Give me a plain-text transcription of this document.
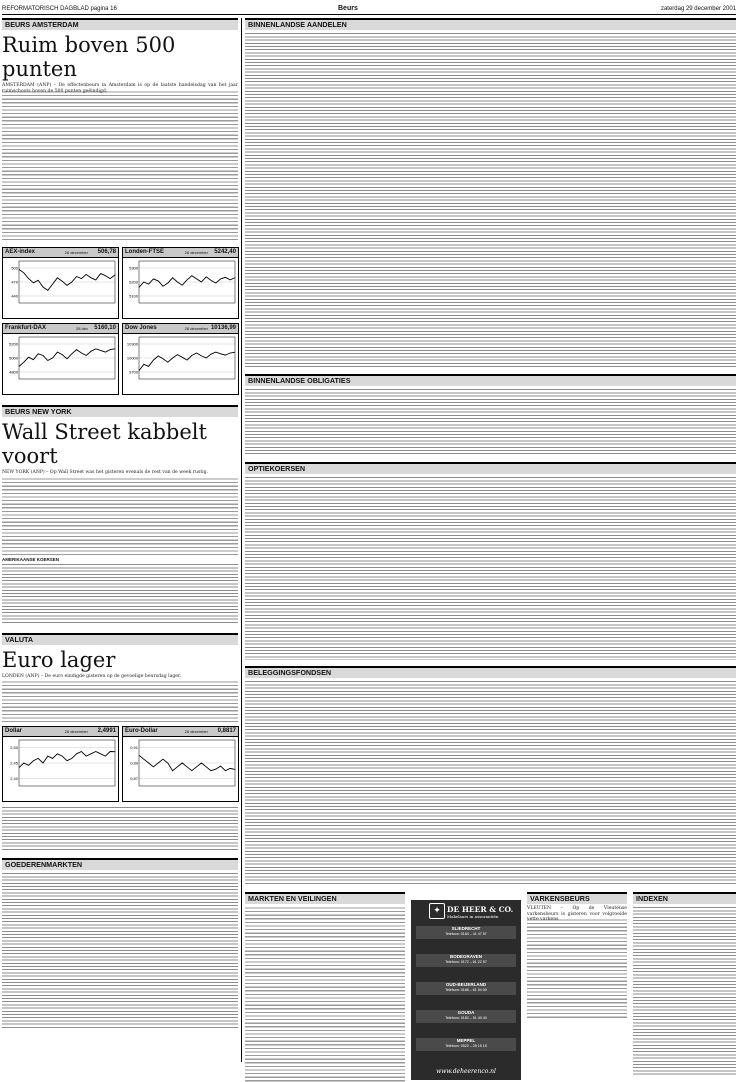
REFORMATORISCH DAGBLAD pagina 16	Beurs	zaterdag 29 december 2001
BEURS AMSTERDAM
Ruim boven 500 punten
AMSTERDAM (ANP) – De effectenbeurs in Amsterdam is op de laatste handelsdag van het jaar ruimschoots boven de 500 punten geëindigd.
AEX-index	28 december 506,78
500
470
440
Londen-FTSE	28 december 5242,40
5300
5200
5100
Frankfurt-DAX	28 dec 5160,10
5200
5000
4800
Dow Jones	28 december 10136,99
10300
10000
9700
BEURS NEW YORK
Wall Street kabbelt voort
NEW YORK (ANP) – Op Wall Street was het gisteren evenals de rest van de week rustig.
AMERIKAANSE KOERSEN
VALUTA
Euro lager
LONDEN (ANP) – De euro eindigde gisteren op de gevoelige beursdag lager.
Dollar	28 december 2,4991
2,50
2,45
2,40
Euro-Dollar	28 december 0,8817
0,91
0,89
0,87
GOEDERENMARKTEN
BINNENLANDSE AANDELEN
BINNENLANDSE OBLIGATIES
OPTIEKOERSEN
BELEGGINGSFONDSEN
MARKTEN EN VEILINGEN
✦ DE HEER & CO.
Makelaars in assurantiën
SLIEDRECHT
Telefoon: 0184 – 41 47 57
BODEGRAVEN
Telefoon: 0172 – 61 22 57
OUD-BEIJERLAND
Telefoon: 0186 – 61 54 00
GOUDA
Telefoon: 0182 – 51 40 40
MEPPEL
Telefoon: 0522 – 25 15 15
www.deheerenco.nl
VARKENSBEURS
VLEUTEN – Op de Vleutense varkensbeurs is gisteren voor volgroeide vette varkens
INDEXEN
